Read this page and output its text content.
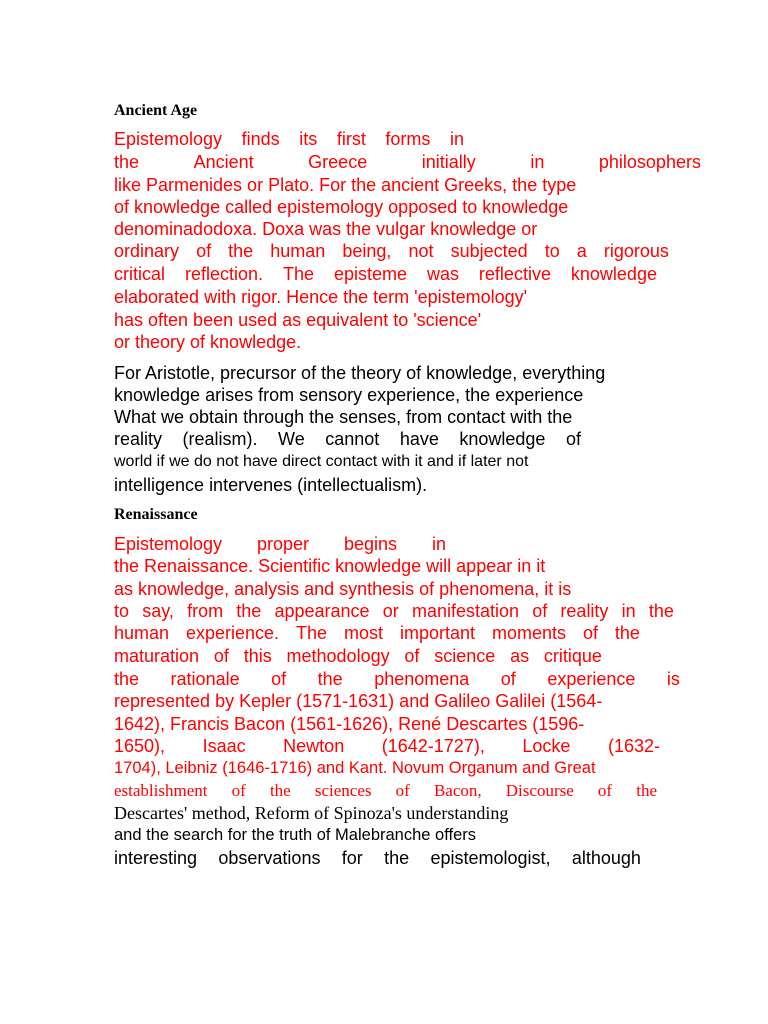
Ancient Age
Epistemology finds its first forms in
the	Ancient	Greece	initially	in	philosophers
like Parmenides or Plato. For the ancient Greeks, the type
of knowledge called epistemology opposed to knowledge
denominadodoxa. Doxa was the vulgar knowledge or
ordinary of the human being, not subjected to a rigorous
critical reflection. The episteme was reflective knowledge
elaborated with rigor. Hence the term 'epistemology'
has often been used as equivalent to 'science'
or theory of knowledge.
For Aristotle, precursor of the theory of knowledge, everything
knowledge arises from sensory experience, the experience
What we obtain through the senses, from contact with the
reality (realism). We cannot have knowledge of
world if we do not have direct contact with it and if later not
intelligence intervenes (intellectualism).
Renaissance
Epistemology proper begins in
the Renaissance. Scientific knowledge will appear in it
as knowledge, analysis and synthesis of phenomena, it is
to say, from the appearance or manifestation of reality in the
human experience. The most important moments of the
maturation of this methodology of science as critique
the rationale of the phenomena of experience is
represented by Kepler (1571-1631) and Galileo Galilei (1564-
1642), Francis Bacon (1561-1626), René Descartes (1596-
1650), Isaac Newton (1642-1727), Locke (1632-
1704), Leibniz (1646-1716) and Kant. Novum Organum and Great
establishment of the sciences of Bacon, Discourse of the
Descartes' method, Reform of Spinoza's understanding
and the search for the truth of Malebranche offers
interesting observations for the epistemologist, although
